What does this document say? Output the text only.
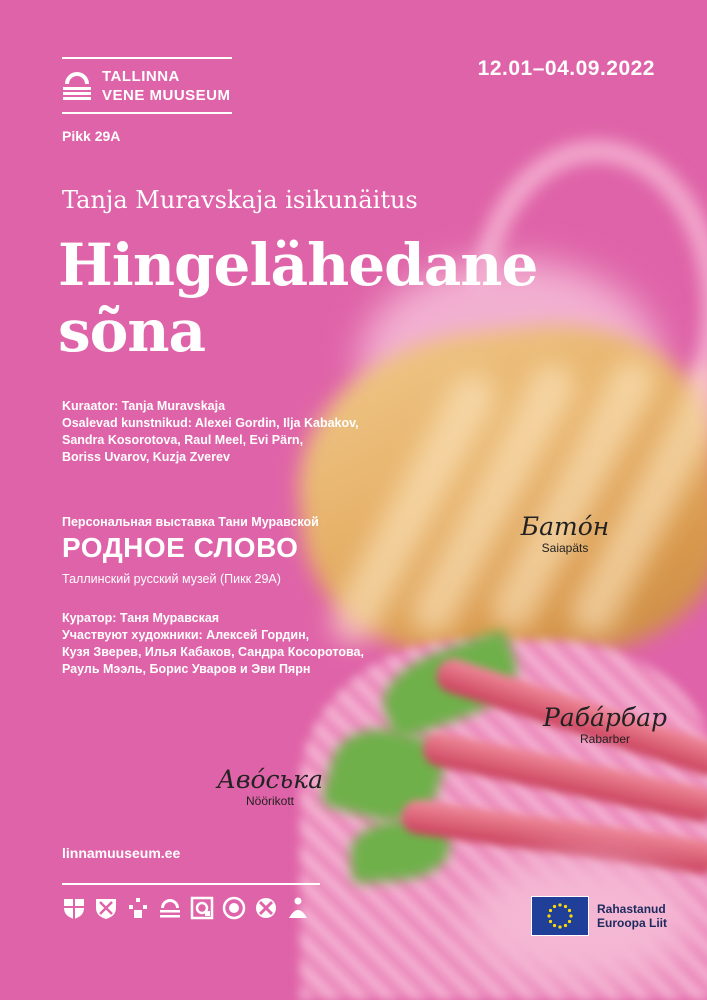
TALLINNA
VENE MUUSEUM
Pikk 29A
12.01–04.09.2022
Tanja Muravskaja isikunäitus
Hingelähedane
sõna
Kuraator: Tanja Muravskaja
Osalevad kunstnikud: Alexei Gordin, Ilja Kabakov,
Sandra Kosorotova, Raul Meel, Evi Pärn,
Boriss Uvarov, Kuzja Zverev
Персональная выставка Тани Муравской
РОДНОЕ СЛОВО
Таллинский русский музей (Пикк 29А)
Куратор: Таня Муравская
Участвуют художники: Алексей Гордин,
Кузя Зверев, Илья Кабаков, Сандра Косоротова,
Рауль Мээль, Борис Уваров и Эви Пярн
Бато́н
Saiapäts
Раба́рбар
Rabarber
Аво́ська
Nöörikott
linnamuuseum.ee
Rahastanud
Euroopa Liit
